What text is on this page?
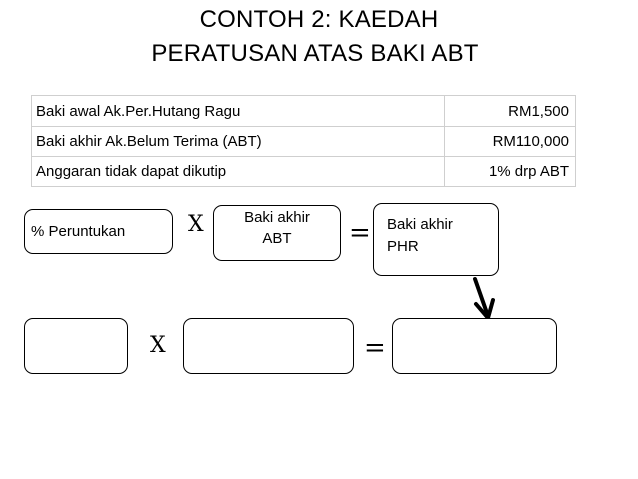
CONTOH 2: KAEDAH
PERATUSAN ATAS BAKI ABT
Baki awal Ak.Per.Hutang Ragu	RM1,500
Baki akhir Ak.Belum Terima (ABT)	RM110,000
Anggaran tidak dapat dikutip	1% drp ABT
% Peruntukan	X	Baki akhir
ABT	= Baki akhir
PHR
X	=
